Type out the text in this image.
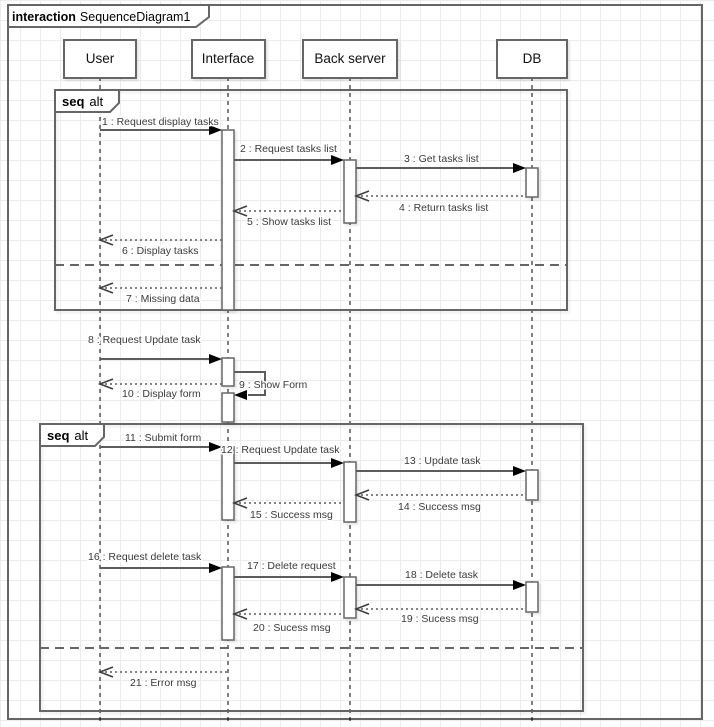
seq alt
seq alt
1 : Request display tasks
2 : Request tasks list
3 : Get tasks list
4 : Return tasks list
5 : Show tasks list
6 : Display tasks
7 : Missing data
8 : Request Update task
9 : Show Form
10 : Display form
11 : Submit form
12 : Request Update task
13 : Update task
14 : Success msg
15 : Success msg
16 : Request delete task
17 : Delete request
18 : Delete task
19 : Sucess msg
20 : Sucess msg
21 : Error msg
User	Interface	Back server	DB
interaction SequenceDiagram1
